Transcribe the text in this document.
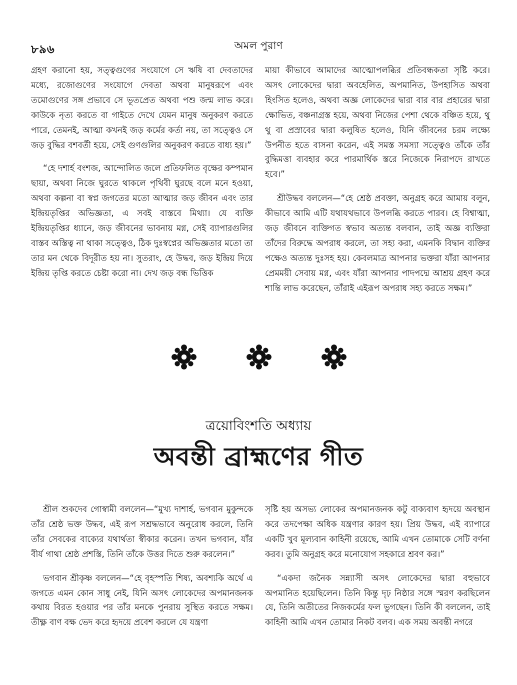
৮৯৬	অমল পুরাণ

গ্রহণ করানো হয়, সত্ত্বগুণের সংযোগে সে ঋষি বা দেবতাদের মধ্যে, রজোগুণের সংযোগে দেবতা অথবা মানুষরূপে এবং তমোগুণের সঙ্গ প্রভাবে সে ভূতপ্রেত অথবা পশু জন্ম লাভ করে। কাউকে নৃত্য করতে বা গাইতে দেখে যেমন মানুষ অনুকরণ করতে পারে, তেমনই, আত্মা কখনই জড় কর্মের কর্তা নয়, তা সত্ত্বেও সে জড় বুদ্ধির বশবর্তী হয়ে, সেই গুণগুলির অনুকরণ করতে বাধ্য হয়।”

“হে দশার্হ বংশজ, আন্দোলিত জলে প্রতিফলিত বৃক্ষের কম্পমান ছায়া, অথবা নিজে ঘুরতে থাকলে পৃথিবী ঘুরছে বলে মনে হওয়া, অথবা কল্পনা বা স্বপ্ন জগতের মতো আত্মার জড় জীবন এবং তার ইন্দ্রিয়তৃপ্তির অভিজ্ঞতা, এ সবই বাস্তবে মিথ্যা। যে ব্যক্তি ইন্দ্রিয়তৃপ্তির ধ্যানে, জড় জীবনের ভাবনায় মগ্ন, সেই ব্যাপারগুলির বাস্তব অস্তিত্ব না থাকা সত্ত্বেও, ঠিক দুঃস্বপ্নের অভিজ্ঞতার মতো তা তার মন থেকে বিদূরীত হয় না। সুতরাং, হে উদ্ধব, জড় ইন্দ্রিয় দিয়ে ইন্দ্রিয় তৃপ্তি করতে চেষ্টা করো না। দেখ জড় বন্ধ ভিত্তিক

মায়া কীভাবে আমাদের আত্মোপলব্ধির প্রতিবন্ধকতা সৃষ্টি করে। অসৎ লোকেদের দ্বারা অবহেলিত, অপমানিত, উপহাসিত অথবা হিংসিত হলেও, অথবা অজ্ঞ লোকেদের দ্বারা বার বার প্রহারের দ্বারা ক্ষোভিত, বঞ্চনাগ্রস্ত হয়ে, অথবা নিজের পেশা থেকে বঞ্চিত হয়ে, থু থু বা প্রস্রাবের দ্বারা কলুষিত হলেও, যিনি জীবনের চরম লক্ষ্যে উপনীত হতে বাসনা করেন, এই সমস্ত সমস্যা সত্ত্বেও তাঁকে তাঁর বুদ্ধিমত্তা ব্যবহার করে পারমার্থিক স্তরে নিজেকে নিরাপদে রাখতে হবে।”

শ্রীউদ্ধব বললেন—“হে শ্রেষ্ঠ প্রবক্তা, অনুগ্রহ করে আমায় বলুন, কীভাবে আমি এটি যথাযথভাবে উপলব্ধি করতে পারব। হে বিশ্বাত্মা, জড় জীবনে ব্যক্তিগত স্বভাব অত্যন্ত বলবান, তাই অজ্ঞ ব্যক্তিরা তাঁদের বিরুদ্ধে অপরাধ করলে, তা সহ্য করা, এমনকি বিদ্বান ব্যক্তির পক্ষেও অত্যন্ত দুঃসহ হয়। কেবলমাত্র আপনার ভক্তরা যাঁরা আপনার প্রেমময়ী সেবায় মগ্ন, এবং যাঁরা আপনার পাদপদ্মে আশ্রয় গ্রহণ করে শান্তি লাভ করেছেন, তাঁরাই এইরূপ অপরাধ সহ্য করতে সক্ষম।”

ত্রয়োবিংশতি অধ্যায়
অবন্তী ব্রাহ্মণের গীত

শ্রীল শুকদেব গোস্বামী বললেন—“মুখ্য দাশার্হ, ভগবান মুকুন্দকে তাঁর শ্রেষ্ঠ ভক্ত উদ্ধব, এই রূপ সশ্রদ্ধভাবে অনুরোধ করলে, তিনি তাঁর সেবকের বাক্যের যথার্থতা স্বীকার করেন। তখন ভগবান, যাঁর বীর্য গাথা শ্রেষ্ঠ প্রশস্তি, তিনি তাঁকে উত্তর দিতে শুরু করলেন।”

ভগবান শ্রীকৃষ্ণ বললেন—“হে বৃহস্পতি শিষ্য, অবশ্যকি অর্থে এ জগতে এমন কোন সাধু নেই, যিনি অসৎ লোকেদের অপমানজনক কথায় বিরত হওয়ার পর তাঁর মনকে পুনরায় সুস্থিত করতে সক্ষম। তীক্ষ্ণ বাণ বক্ষ ভেদ করে হৃদয়ে প্রবেশ করলে যে যন্ত্রণা

সৃষ্টি হয় অসভ্য লোকের অপমানজনক কটু বাক্যবাণ হৃদয়ে অবস্থান করে তদপেক্ষা অধিক যন্ত্রণার কারণ হয়। প্রিয় উদ্ধব, এই ব্যাপারে একটি খুব মূল্যবান কাহিনী রয়েছে, আমি এখন তোমাকে সেটি বর্ণনা করব। তুমি অনুগ্রহ করে মনোযোগ সহকারে শ্রবণ কর।”

“একদা জনৈক সন্ন্যাসী অসৎ লোকেদের দ্বারা বহুভাবে অপমানিত হয়েছিলেন। তিনি কিন্তু দৃঢ় নিষ্ঠার সঙ্গে স্মরণ করছিলেন যে, তিনি অতীতের নিজকর্মের ফল ভুগছেন। তিনি কী বললেন, তাই কাহিনী আমি এখন তোমার নিকট বলব। এক সময় অবন্তী নগরে
